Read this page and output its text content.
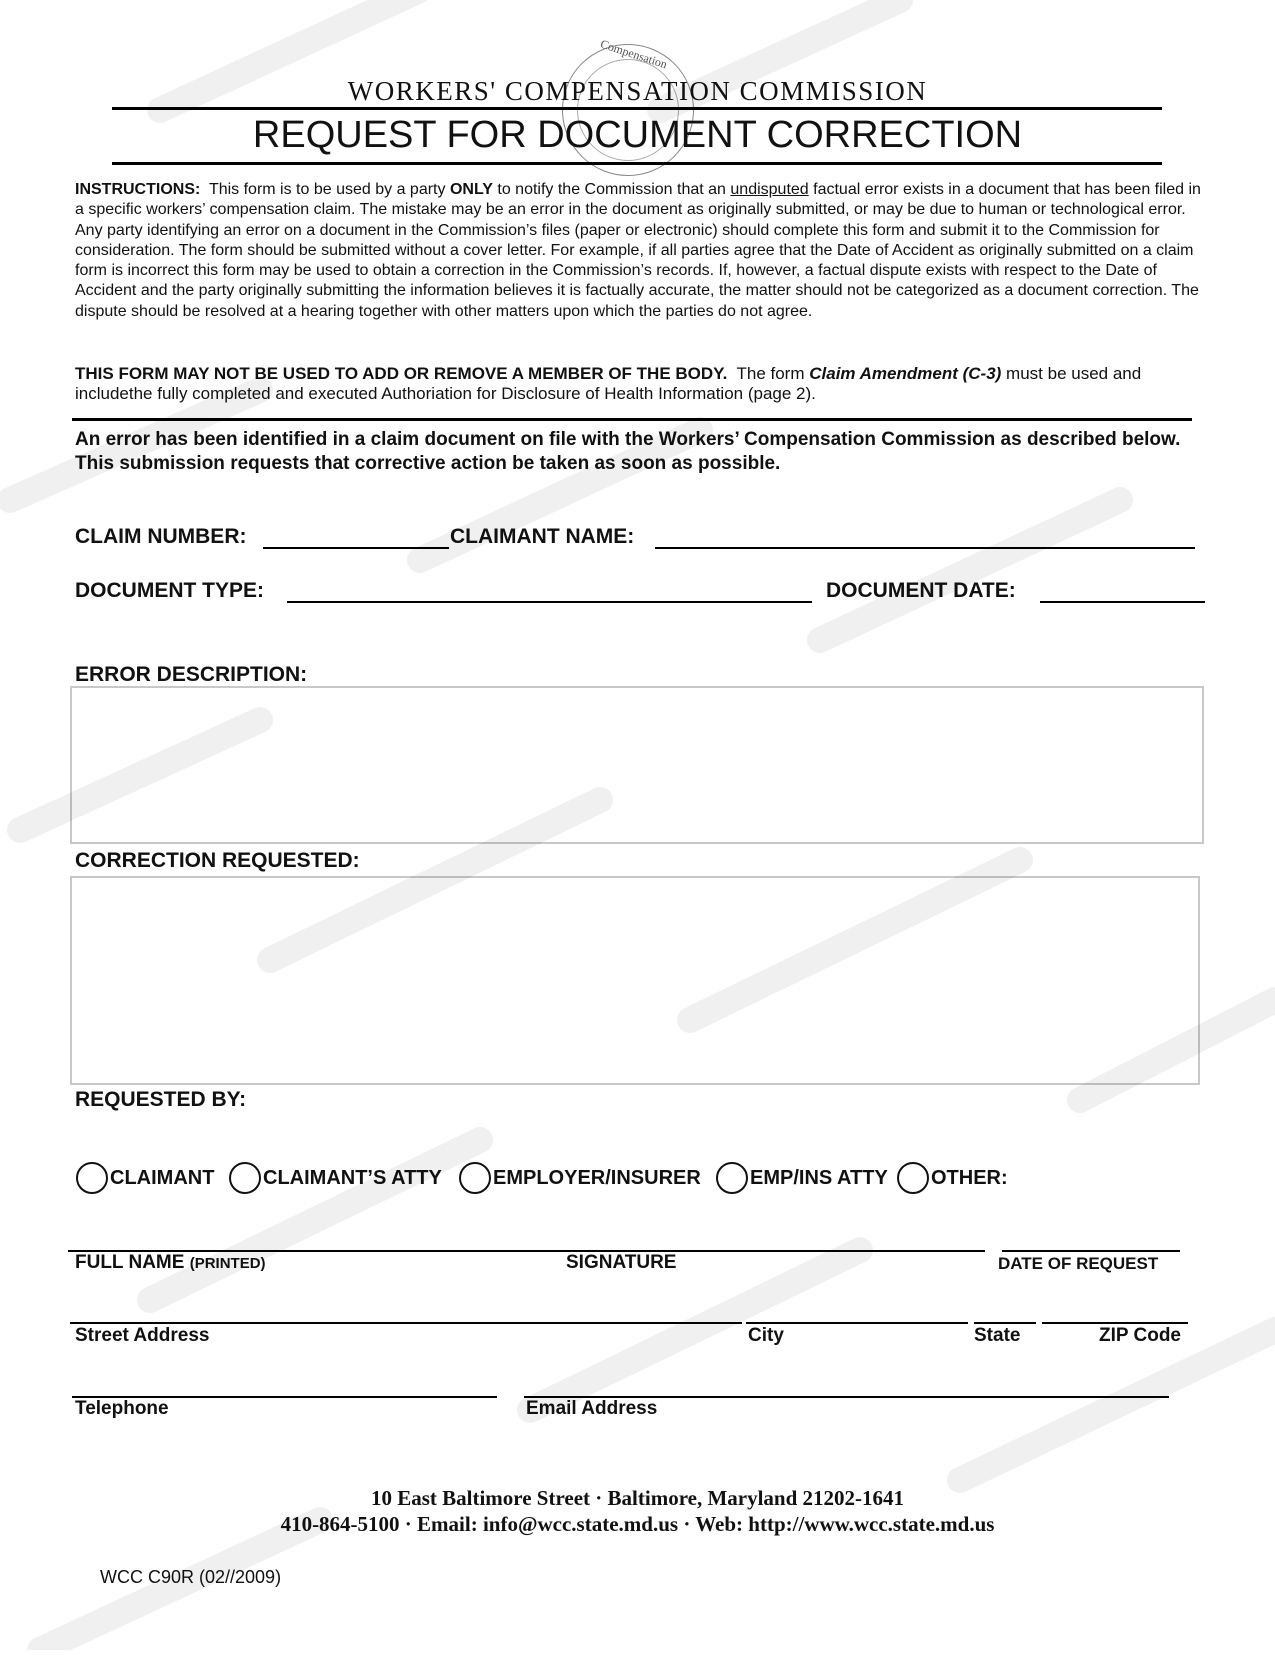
Compensation
WORKERS' COMPENSATION COMMISSION
REQUEST FOR DOCUMENT CORRECTION
INSTRUCTIONS: This form is to be used by a party ONLY to notify the Commission that an undisputed factual error exists in a document that has been filed in a specific workers’ compensation claim. The mistake may be an error in the document as originally submitted, or may be due to human or technological error. Any party identifying an error on a document in the Commission’s files (paper or electronic) should complete this form and submit it to the Commission for consideration. The form should be submitted without a cover letter. For example, if all parties agree that the Date of Accident as originally submitted on a claim form is incorrect this form may be used to obtain a correction in the Commission’s records. If, however, a factual dispute exists with respect to the Date of Accident and the party originally submitting the information believes it is factually accurate, the matter should not be categorized as a document correction. The dispute should be resolved at a hearing together with other matters upon which the parties do not agree.
THIS FORM MAY NOT BE USED TO ADD OR REMOVE A MEMBER OF THE BODY. The form Claim Amendment (C-3) must be used and includethe fully completed and executed Authoriation for Disclosure of Health Information (page 2).
An error has been identified in a claim document on file with the Workers’ Compensation Commission as described below. This submission requests that corrective action be taken as soon as possible.
CLAIM NUMBER:	CLAIMANT NAME:
DOCUMENT TYPE:	DOCUMENT DATE:
ERROR DESCRIPTION:
CORRECTION REQUESTED:
REQUESTED BY:
CLAIMANT CLAIMANT’S ATTY	EMPLOYER/INSURER EMP/INS ATTY OTHER:
FULL NAME (PRINTED)	SIGNATURE	DATE OF REQUEST
Street Address	City	State	ZIP Code
Telephone	Email Address
10 East Baltimore Street · Baltimore, Maryland 21202-1641
410-864-5100 · Email: info@wcc.state.md.us · Web: http://www.wcc.state.md.us
WCC C90R (02//2009)
